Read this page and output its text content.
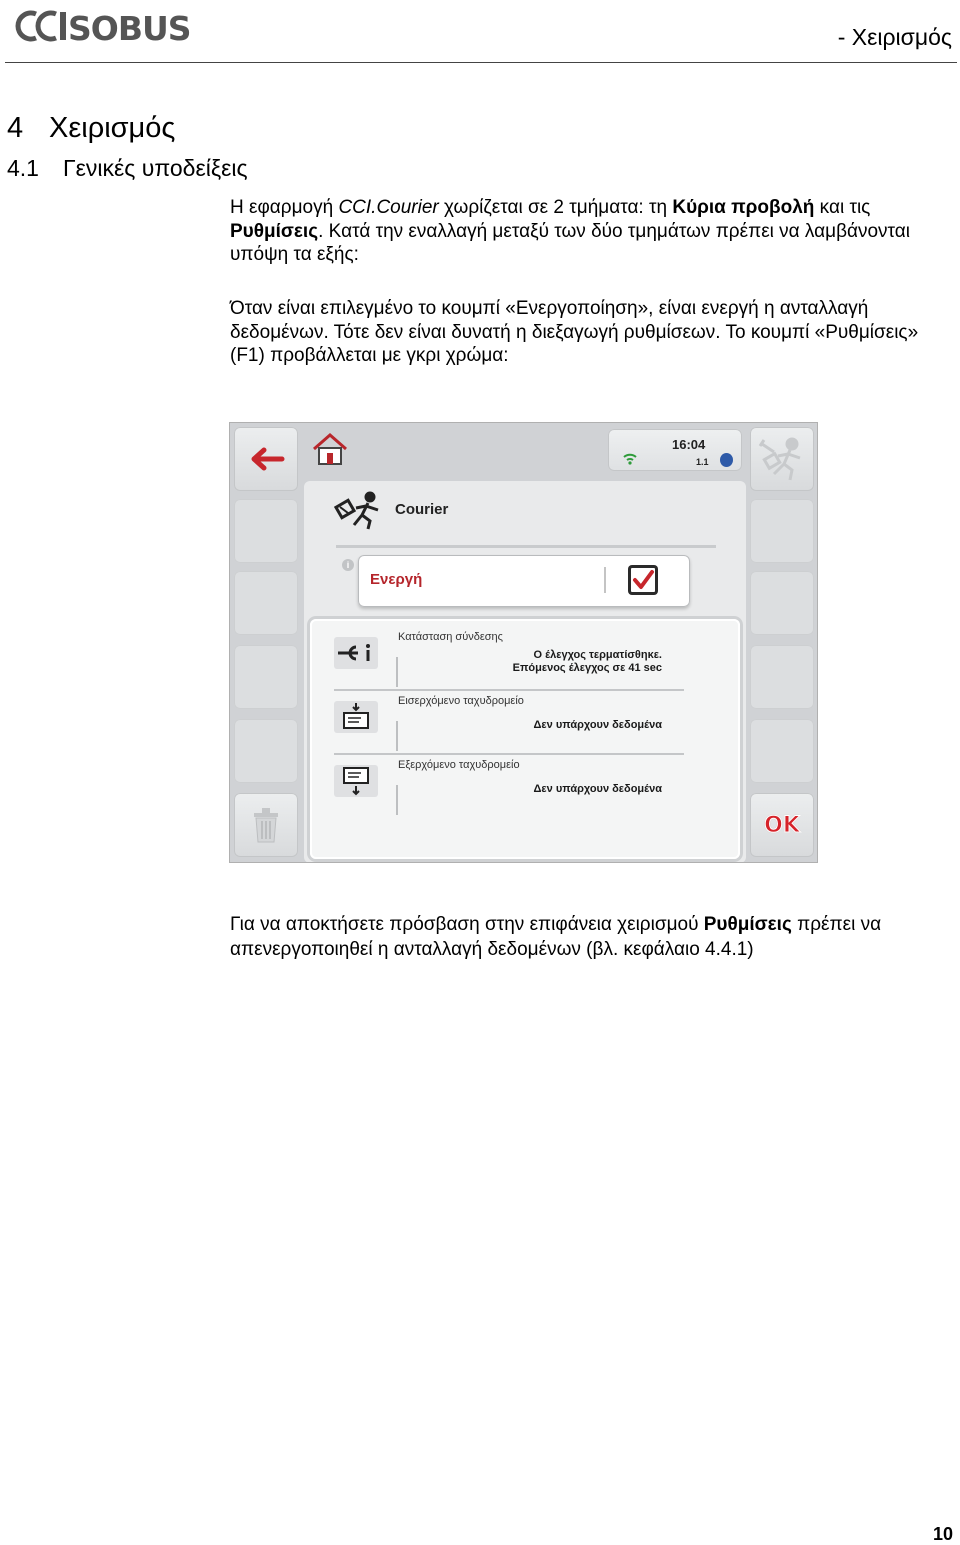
SOBUS	- Χειρισμός
4 Χειρισμός
4.1 Γενικές υποδείξεις
Η εφαρμογή CCI.Courier χωρίζεται σε 2 τμήματα: τη Κύρια προβολή και τις Ρυθμίσεις. Κατά την εναλλαγή μεταξύ των δύο τμημάτων πρέπει να λαμβάνονται υπόψη τα εξής:
Όταν είναι επιλεγμένο το κουμπί «Ενεργοποίηση», είναι ενεργή η ανταλλαγή δεδομένων. Τότε δεν είναι δυνατή η διεξαγωγή ρυθμίσεων. Το κουμπί «Ρυθμίσεις» (F1) προβάλλεται με γκρι χρώμα:
16:04
1.1
OK
Courier
i
Ενεργή
Κατάσταση σύνδεσης
Ο έλεγχος τερματίσθηκε.
Επόμενος έλεγχος σε 41 sec
Εισερχόμενο ταχυδρομείο
Δεν υπάρχουν δεδομένα
Εξερχόμενο ταχυδρομείο
Δεν υπάρχουν δεδομένα
Για να αποκτήσετε πρόσβαση στην επιφάνεια χειρισμού Ρυθμίσεις πρέπει να απενεργοποιηθεί η ανταλλαγή δεδομένων (βλ. κεφάλαιο 4.4.1)
10
